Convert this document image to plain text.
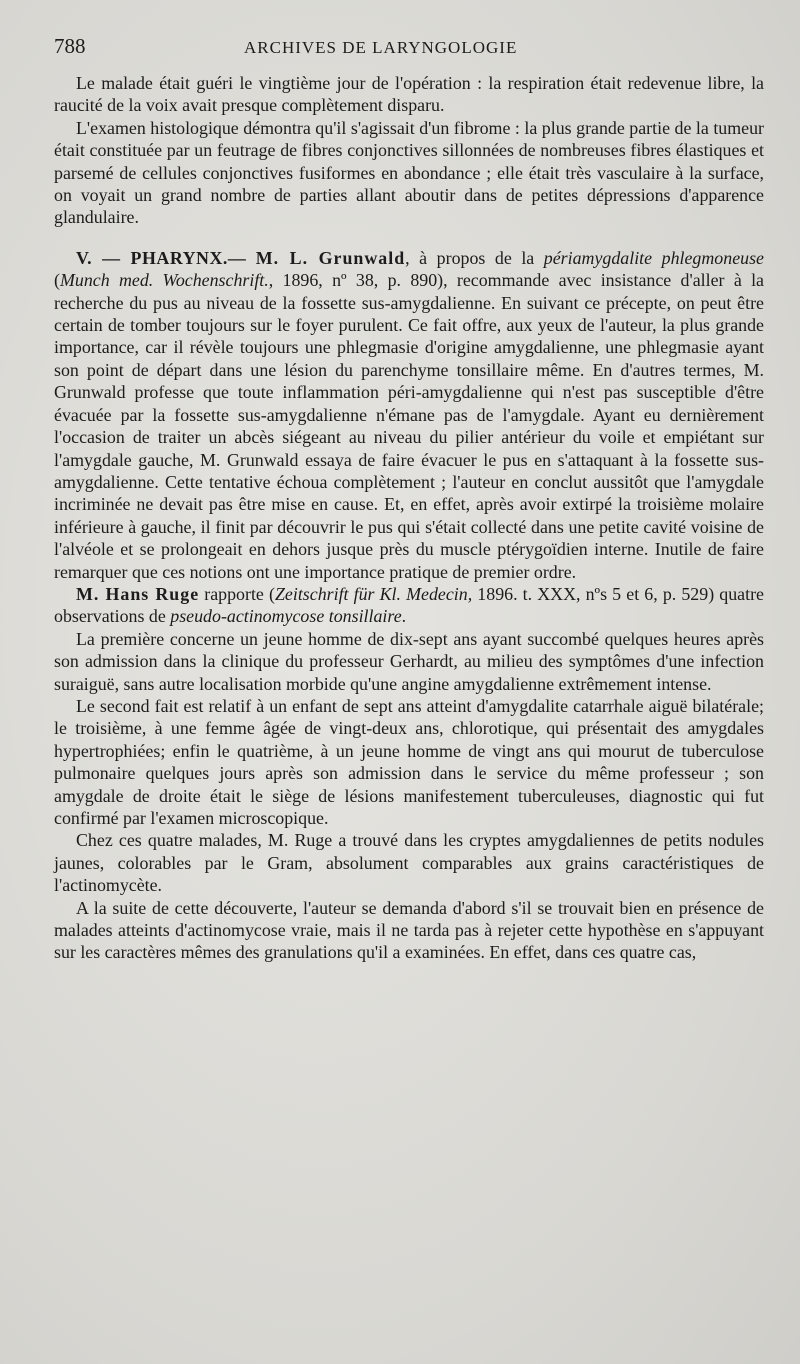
788	ARCHIVES DE LARYNGOLOGIE

Le malade était guéri le vingtième jour de l'opération : la respiration était redevenue libre, la raucité de la voix avait presque complètement disparu.

L'examen histologique démontra qu'il s'agissait d'un fibrome : la plus grande partie de la tumeur était constituée par un feutrage de fibres conjonctives sillonnées de nombreuses fibres élastiques et parsemé de cellules conjonctives fusiformes en abondance ; elle était très vasculaire à la surface, on voyait un grand nombre de parties allant aboutir dans de petites dépressions d'apparence glandulaire.

V. — PHARYNX.— M. L. Grunwald, à propos de la périamygdalite phlegmoneuse (Munch med. Wochenschrift., 1896, nº 38, p. 890), recommande avec insistance d'aller à la recherche du pus au niveau de la fossette sus-amygdalienne. En suivant ce précepte, on peut être certain de tomber toujours sur le foyer purulent. Ce fait offre, aux yeux de l'auteur, la plus grande importance, car il révèle toujours une phlegmasie d'origine amygdalienne, une phlegmasie ayant son point de départ dans une lésion du parenchyme tonsillaire même. En d'autres termes, M. Grunwald professe que toute inflammation péri-amygdalienne qui n'est pas susceptible d'être évacuée par la fossette sus-amygdalienne n'émane pas de l'amygdale. Ayant eu dernièrement l'occasion de traiter un abcès siégeant au niveau du pilier antérieur du voile et empiétant sur l'amygdale gauche, M. Grunwald essaya de faire évacuer le pus en s'attaquant à la fossette sus-amygdalienne. Cette tentative échoua complètement ; l'auteur en conclut aussitôt que l'amygdale incriminée ne devait pas être mise en cause. Et, en effet, après avoir extirpé la troisième molaire inférieure à gauche, il finit par découvrir le pus qui s'était collecté dans une petite cavité voisine de l'alvéole et se prolongeait en dehors jusque près du muscle ptérygoïdien interne. Inutile de faire remarquer que ces notions ont une importance pratique de premier ordre.

M. Hans Ruge rapporte (Zeitschrift für Kl. Medecin, 1896. t. XXX, nºs 5 et 6, p. 529) quatre observations de pseudo-actinomycose tonsillaire.

La première concerne un jeune homme de dix-sept ans ayant succombé quelques heures après son admission dans la clinique du professeur Gerhardt, au milieu des symptômes d'une infection suraiguë, sans autre localisation morbide qu'une angine amygdalienne extrêmement intense.

Le second fait est relatif à un enfant de sept ans atteint d'amygdalite catarrhale aiguë bilatérale; le troisième, à une femme âgée de vingt-deux ans, chlorotique, qui présentait des amygdales hypertrophiées; enfin le quatrième, à un jeune homme de vingt ans qui mourut de tuberculose pulmonaire quelques jours après son admission dans le service du même professeur ; son amygdale de droite était le siège de lésions manifestement tuberculeuses, diagnostic qui fut confirmé par l'examen microscopique.

Chez ces quatre malades, M. Ruge a trouvé dans les cryptes amygdaliennes de petits nodules jaunes, colorables par le Gram, absolument comparables aux grains caractéristiques de l'actinomycète.

A la suite de cette découverte, l'auteur se demanda d'abord s'il se trouvait bien en présence de malades atteints d'actinomycose vraie, mais il ne tarda pas à rejeter cette hypothèse en s'appuyant sur les caractères mêmes des granulations qu'il a examinées. En effet, dans ces quatre cas,
